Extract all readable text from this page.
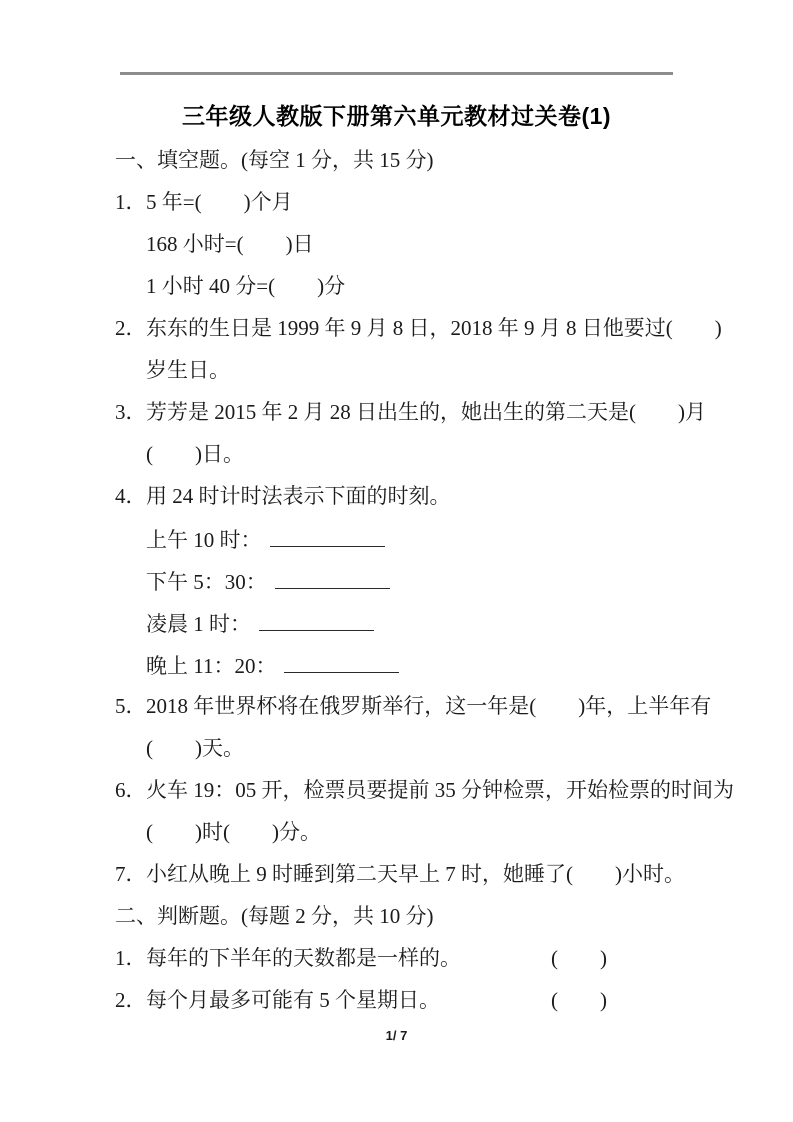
三年级人教版下册第六单元教材过关卷(1)
一、填空题。(每空 1 分，共 15 分)
1．5 年=(　　)个月
168 小时=(　　)日
1 小时 40 分=(　　)分
2．东东的生日是 1999 年 9 月 8 日，2018 年 9 月 8 日他要过(　　)
岁生日。
3．芳芳是 2015 年 2 月 28 日出生的，她出生的第二天是(　　)月
(　　)日。
4．用 24 时计时法表示下面的时刻。
上午 10 时：
下午 5：30：
凌晨 1 时：
晚上 11：20：
5．2018 年世界杯将在俄罗斯举行，这一年是(　　)年，上半年有
(　　)天。
6．火车 19：05 开，检票员要提前 35 分钟检票，开始检票的时间为
(　　)时(　　)分。
7．小红从晚上 9 时睡到第二天早上 7 时，她睡了(　　)小时。
二、判断题。(每题 2 分，共 10 分)
1． 每年的下半年的天数都是一样的。	(　　)
2． 每个月最多可能有 5 个星期日。	(　　)
1/ 7
